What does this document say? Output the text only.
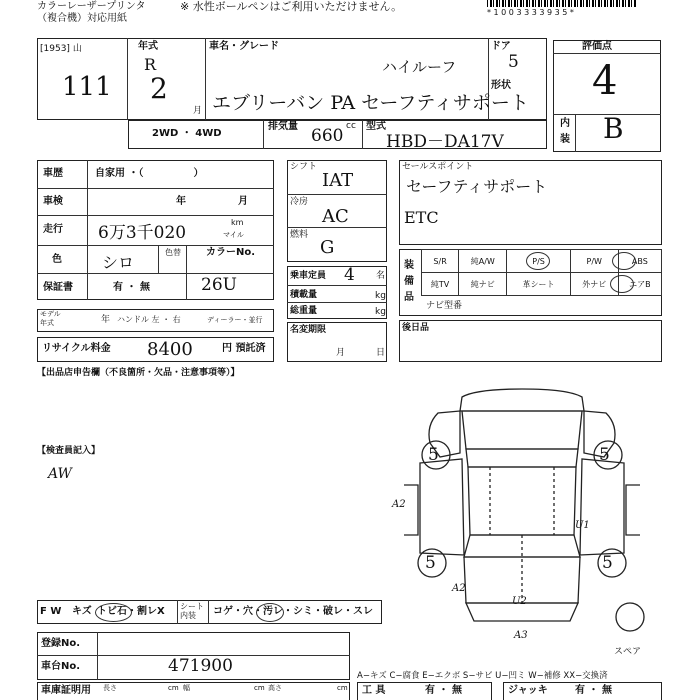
カラーレーザープリンタ
（複合機）対応用紙
※ 水性ボールペンはご利用いただけません。	* 1 0 0 3 3 3 3 9 3 5 *
[1953] 山
111
年式
R
2
月
車名・グレード
ハイルーフ
エブリーバン PA セーフティサポート
ドア
5
形状
2WD ・ 4WD
排気量 660 cc 型式
HBD－DA17V
評価点
4
内
装 B
車歴	自家用 ・（　　　　　）
車検	年	月
走行 6万3千020
km
マイル
色	シロ
色替	カラーNo.
26U
保証書	有 ・ 無
モデル年式	年 ハンドル 左 ・ 右	ディーラー・並行
リサイクル料金 8400	円 預託済
シフト
IAT
冷房
AC
燃料
G
乗車定員 4 名
積載量	kg
総重量	kg
名変期限
月	日
セールスポイント
セーフティサポート
ETC
装備品
S/R	純A/W	P/S	P/W	ABS
純TV	純ナビ	革シート	外ナビ	エアB
ナビ型番
後日品
【出品店申告欄（不良箇所・欠品・注意事項等）】
【検査員記入】
AW
5	5
5	5
A2
U1
A2
U2
A3
スペア
F W キズ トビ石・割レX シート内装	コゲ・穴・汚レ・シミ・破レ・スレ
登録No.
車台No.	471900	A−キズ C−腐食 E−エクボ S−サビ U−凹ミ W−補修 XX−交換済
車庫証明用 長さ	cm 幅	cm 高さ	cm 工 具	有 ・ 無	ジャッキ	有 ・ 無
